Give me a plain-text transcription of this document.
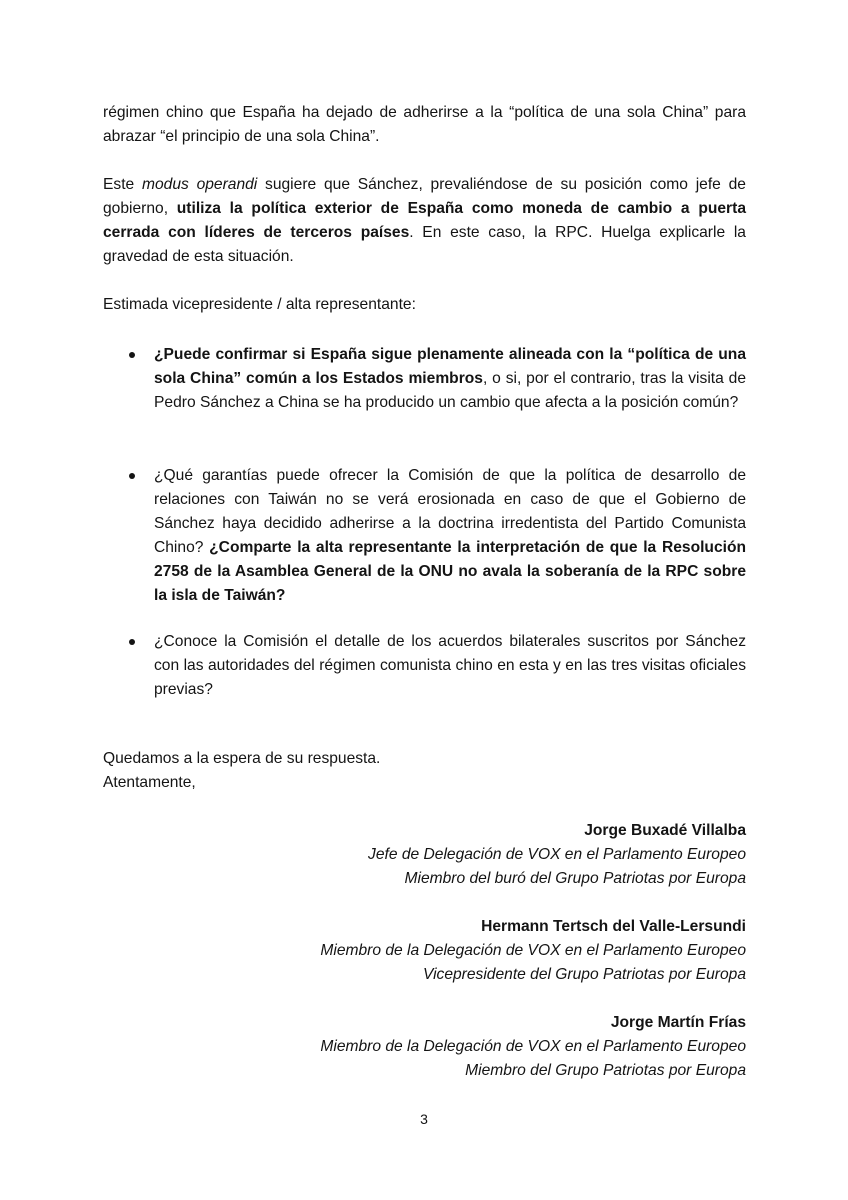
régimen chino que España ha dejado de adherirse a la “política de una sola China” para
abrazar “el principio de una sola China”.
Este modus operandi sugiere que Sánchez, prevaliéndose de su posición como jefe de gobierno, utiliza la política exterior de España como moneda de cambio a puerta cerrada con líderes de terceros países. En este caso, la RPC. Huelga explicarle la gravedad de esta situación.
Estimada vicepresidente / alta representante:
¿Puede confirmar si España sigue plenamente alineada con la “política de una sola China” común a los Estados miembros, o si, por el contrario, tras la visita de Pedro Sánchez a China se ha producido un cambio que afecta a la posición común?
¿Qué garantías puede ofrecer la Comisión de que la política de desarrollo de relaciones con Taiwán no se verá erosionada en caso de que el Gobierno de Sánchez haya decidido adherirse a la doctrina irredentista del Partido Comunista Chino? ¿Comparte la alta representante la interpretación de que la Resolución 2758 de la Asamblea General de la ONU no avala la soberanía de la RPC sobre la isla de Taiwán?
¿Conoce la Comisión el detalle de los acuerdos bilaterales suscritos por Sánchez con las autoridades del régimen comunista chino en esta y en las tres visitas oficiales previas?
Quedamos a la espera de su respuesta.
Atentamente,
Jorge Buxadé Villalba
Jefe de Delegación de VOX en el Parlamento Europeo
Miembro del buró del Grupo Patriotas por Europa
Hermann Tertsch del Valle-Lersundi
Miembro de la Delegación de VOX en el Parlamento Europeo
Vicepresidente del Grupo Patriotas por Europa
Jorge Martín Frías
Miembro de la Delegación de VOX en el Parlamento Europeo
Miembro del Grupo Patriotas por Europa
3
